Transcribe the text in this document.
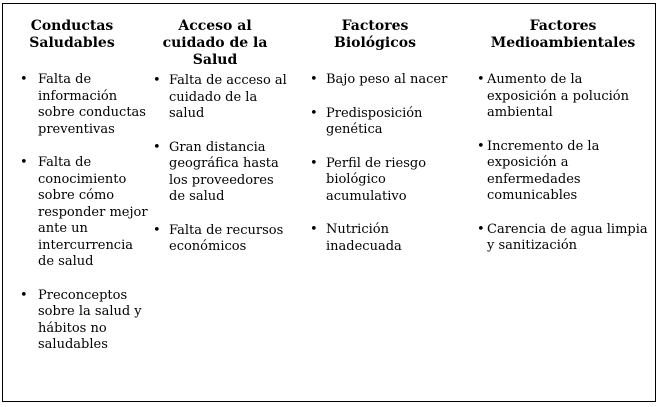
Conductas Saludables
• Falta de información sobre conductas preventivas
• Falta de conocimiento sobre cómo responder mejor ante un intercurrencia de salud
• Preconceptos sobre la salud y hábitos no saludables
Acceso al cuidado de la Salud
• Falta de acceso al cuidado de la salud
• Gran distancia geográfica hasta los proveedores de salud
• Falta de recursos económicos
Factores Biológicos
• Bajo peso al nacer
• Predisposición genética
• Perfil de riesgo biológico acumulativo
• Nutrición inadecuada
Factores Medioambientales
• Aumento de la exposición a polución ambiental
• Incremento de la exposición a enfermedades comunicables
• Carencia de agua limpia y sanitización
